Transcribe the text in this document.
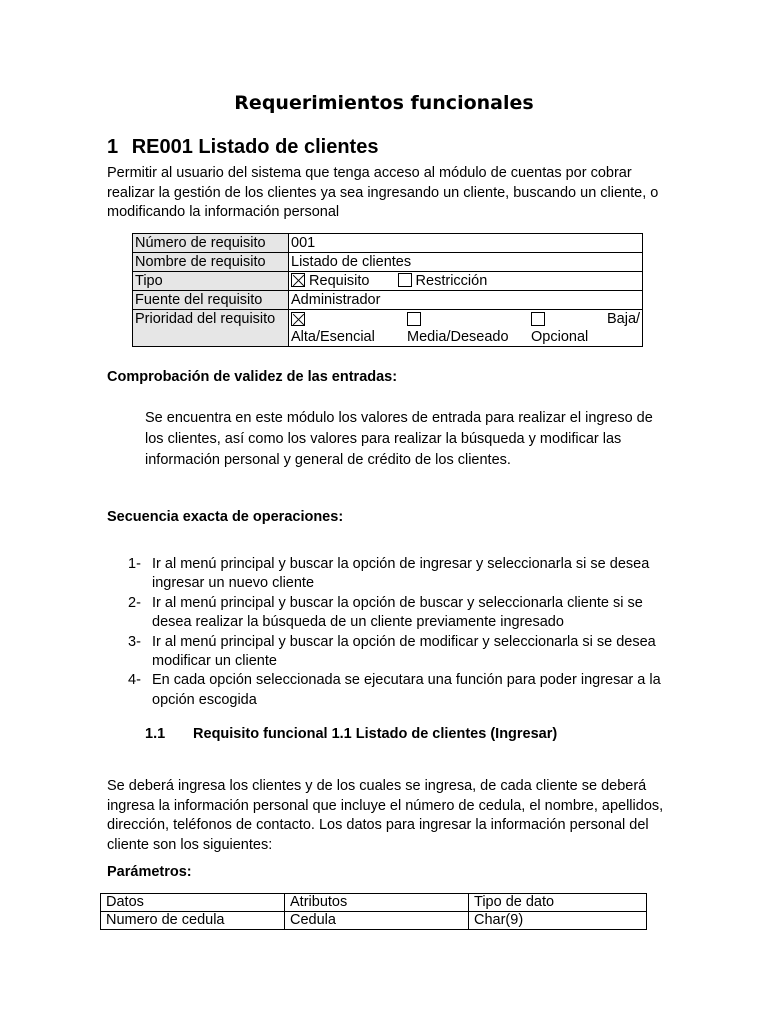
Requerimientos funcionales
1 RE001 Listado de clientes
Permitir al usuario del sistema que tenga acceso al módulo de cuentas por cobrar realizar la gestión de los clientes ya sea ingresando un cliente, buscando un cliente, o modificando la información personal
Número de requisito	001
Nombre de requisito	Listado de clientes
Tipo	Requisito Restricción
Fuente del requisito	Administrador
Prioridad del requisito	Baja/
Alta/Esencial Media/Deseado Opcional
Comprobación de validez de las entradas:
Se encuentra en este módulo los valores de entrada para realizar el ingreso de los clientes, así como los valores para realizar la búsqueda y modificar las información personal y general de crédito de los clientes.
Secuencia exacta de operaciones:
1- Ir al menú principal y buscar la opción de ingresar y seleccionarla si se desea ingresar un nuevo cliente
2- Ir al menú principal y buscar la opción de buscar y seleccionarla cliente si se desea realizar la búsqueda de un cliente previamente ingresado
3- Ir al menú principal y buscar la opción de modificar y seleccionarla si se desea modificar un cliente
4- En cada opción seleccionada se ejecutara una función para poder ingresar a la opción escogida
1.1 Requisito funcional 1.1 Listado de clientes (Ingresar)
Se deberá ingresa los clientes y de los cuales se ingresa, de cada cliente se deberá ingresa la información personal que incluye el número de cedula, el nombre, apellidos, dirección, teléfonos de contacto. Los datos para ingresar la información personal del cliente son los siguientes:
Parámetros:
Datos	Atributos	Tipo de dato
Numero de cedula	Cedula	Char(9)
